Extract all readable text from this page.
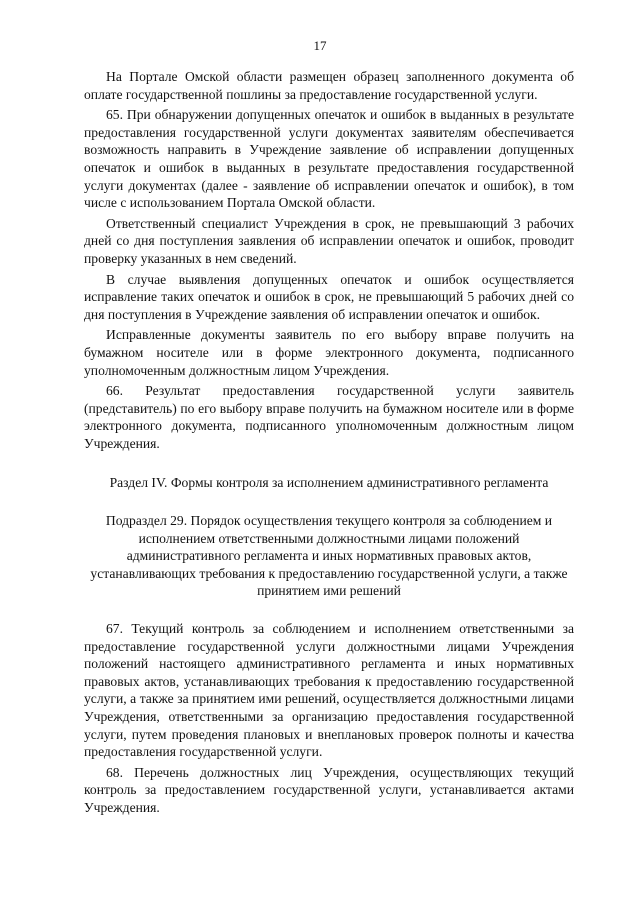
17

На Портале Омской области размещен образец заполненного документа об оплате государственной пошлины за предоставление государственной услуги.

65. При обнаружении допущенных опечаток и ошибок в выданных в результате предоставления государственной услуги документах заявителям обеспечивается возможность направить в Учреждение заявление об исправлении допущенных опечаток и ошибок в выданных в результате предоставления государственной услуги документах (далее - заявление об исправлении опечаток и ошибок), в том числе с использованием Портала Омской области.

Ответственный специалист Учреждения в срок, не превышающий 3 рабочих дней со дня поступления заявления об исправлении опечаток и ошибок, проводит проверку указанных в нем сведений.

В случае выявления допущенных опечаток и ошибок осуществляется исправление таких опечаток и ошибок в срок, не превышающий 5 рабочих дней со дня поступления в Учреждение заявления об исправлении опечаток и ошибок.

Исправленные документы заявитель по его выбору вправе получить на бумажном носителе или в форме электронного документа, подписанного уполномоченным должностным лицом Учреждения.

66. Результат предоставления государственной услуги заявитель (представитель) по его выбору вправе получить на бумажном носителе или в форме электронного документа, подписанного уполномоченным должностным лицом Учреждения.

Раздел IV. Формы контроля за исполнением административного регламента

Подраздел 29. Порядок осуществления текущего контроля за соблюдением и исполнением ответственными должностными лицами положений административного регламента и иных нормативных правовых актов, устанавливающих требования к предоставлению государственной услуги, а также принятием ими решений

67. Текущий контроль за соблюдением и исполнением ответственными за предоставление государственной услуги должностными лицами Учреждения положений настоящего административного регламента и иных нормативных правовых актов, устанавливающих требования к предоставлению государственной услуги, а также за принятием ими решений, осуществляется должностными лицами Учреждения, ответственными за организацию предоставления государственной услуги, путем проведения плановых и внеплановых проверок полноты и качества предоставления государственной услуги.

68. Перечень должностных лиц Учреждения, осуществляющих текущий контроль за предоставлением государственной услуги, устанавливается актами Учреждения.
